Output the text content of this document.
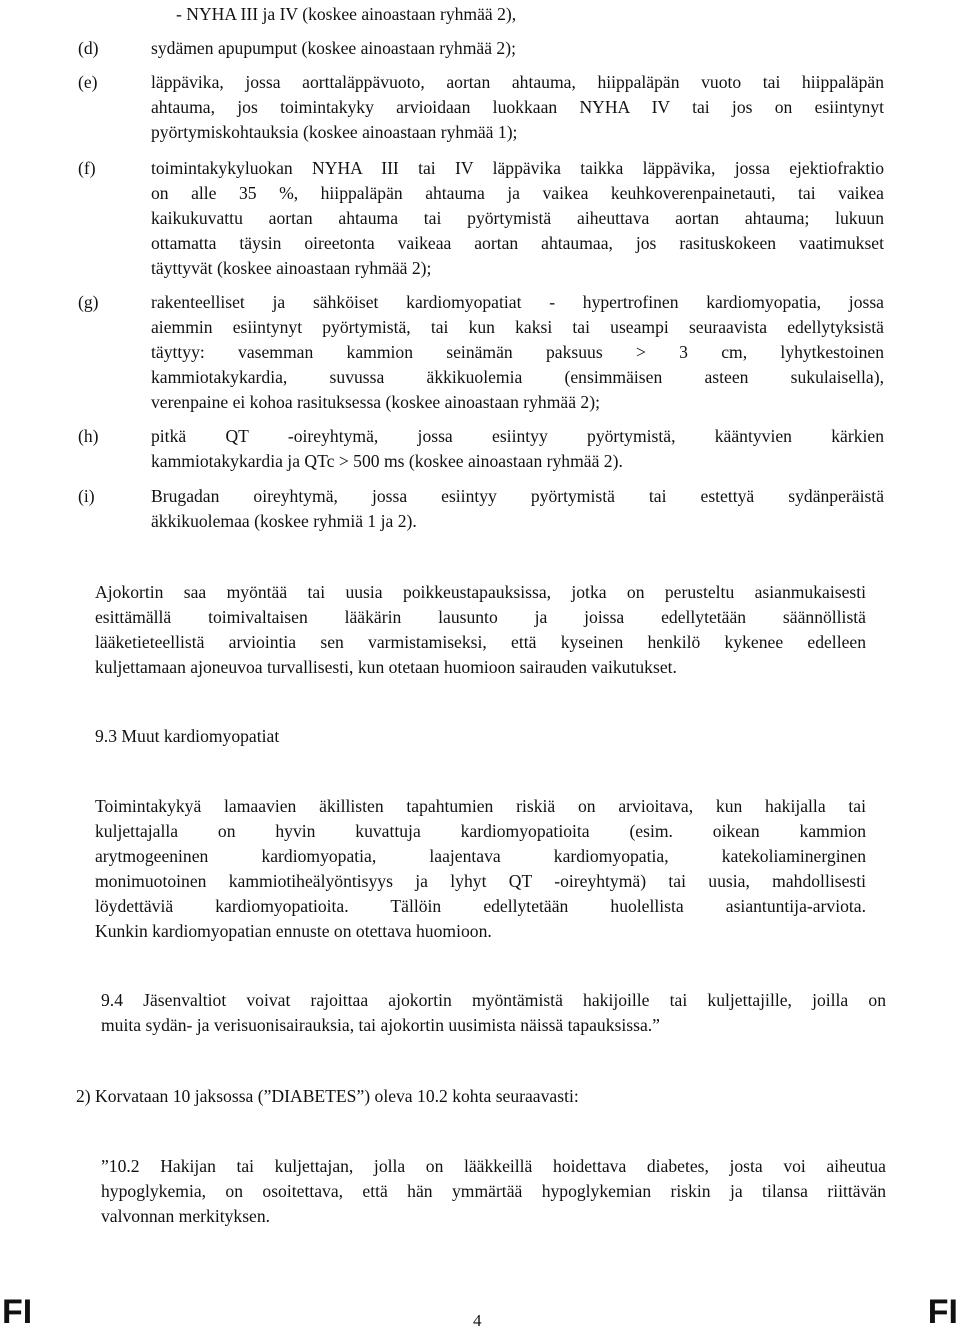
- NYHA III ja IV (koskee ainoastaan ryhmää 2),
(d)	sydämen apupumput (koskee ainoastaan ryhmää 2);
(e)	läppävika, jossa aorttaläppävuoto, aortan ahtauma, hiippaläpän vuoto tai hiippaläpän
ahtauma, jos toimintakyky arvioidaan luokkaan NYHA IV tai jos on esiintynyt
pyörtymiskohtauksia (koskee ainoastaan ryhmää 1);
(f)	toimintakykyluokan NYHA III tai IV läppävika taikka läppävika, jossa ejektiofraktio
on alle 35 %, hiippaläpän ahtauma ja vaikea keuhkoverenpainetauti, tai vaikea
kaikukuvattu aortan ahtauma tai pyörtymistä aiheuttava aortan ahtauma; lukuun
ottamatta täysin oireetonta vaikeaa aortan ahtaumaa, jos rasituskokeen vaatimukset
täyttyvät (koskee ainoastaan ryhmää 2);
(g)	rakenteelliset ja sähköiset kardiomyopatiat - hypertrofinen kardiomyopatia, jossa
aiemmin esiintynyt pyörtymistä, tai kun kaksi tai useampi seuraavista edellytyksistä
täyttyy: vasemman kammion seinämän paksuus > 3 cm, lyhytkestoinen
kammiotakykardia, suvussa äkkikuolemia (ensimmäisen asteen sukulaisella),
verenpaine ei kohoa rasituksessa (koskee ainoastaan ryhmää 2);
(h)	pitkä QT -oireyhtymä, jossa esiintyy pyörtymistä, kääntyvien kärkien
kammiotakykardia ja QTc > 500 ms (koskee ainoastaan ryhmää 2).
(i)	Brugadan oireyhtymä, jossa esiintyy pyörtymistä tai estettyä sydänperäistä
äkkikuolemaa (koskee ryhmiä 1 ja 2).
Ajokortin saa myöntää tai uusia poikkeustapauksissa, jotka on perusteltu asianmukaisesti
esittämällä toimivaltaisen lääkärin lausunto ja joissa edellytetään säännöllistä
lääketieteellistä arviointia sen varmistamiseksi, että kyseinen henkilö kykenee edelleen
kuljettamaan ajoneuvoa turvallisesti, kun otetaan huomioon sairauden vaikutukset.
9.3 Muut kardiomyopatiat
Toimintakykyä lamaavien äkillisten tapahtumien riskiä on arvioitava, kun hakijalla tai
kuljettajalla on hyvin kuvattuja kardiomyopatioita (esim. oikean kammion
arytmogeeninen kardiomyopatia, laajentava kardiomyopatia, katekoliaminerginen
monimuotoinen kammiotiheälyöntisyys ja lyhyt QT -oireyhtymä) tai uusia, mahdollisesti
löydettäviä kardiomyopatioita. Tällöin edellytetään huolellista asiantuntija-arviota.
Kunkin kardiomyopatian ennuste on otettava huomioon.
9.4 Jäsenvaltiot voivat rajoittaa ajokortin myöntämistä hakijoille tai kuljettajille, joilla on
muita sydän- ja verisuonisairauksia, tai ajokortin uusimista näissä tapauksissa.”
2) Korvataan 10 jaksossa (”DIABETES”) oleva 10.2 kohta seuraavasti:
”10.2 Hakijan tai kuljettajan, jolla on lääkkeillä hoidettava diabetes, josta voi aiheutua
hypoglykemia, on osoitettava, että hän ymmärtää hypoglykemian riskin ja tilansa riittävän
valvonnan merkityksen.
FI	4	FI
